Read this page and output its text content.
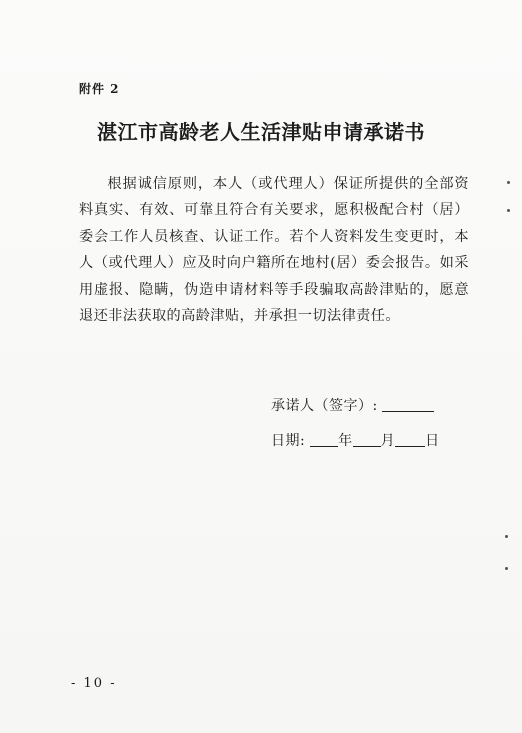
附件 2
湛江市高龄老人生活津贴申请承诺书
根据诚信原则，本人（或代理人）保证所提供的全部资料真实、有效、可靠且符合有关要求，愿积极配合村（居）委会工作人员核查、认证工作。若个人资料发生变更时，本人（或代理人）应及时向户籍所在地村(居）委会报告。如采用虚报、隐瞒，伪造申请材料等手段骗取高龄津贴的，愿意退还非法获取的高龄津贴，并承担一切法律责任。
承诺人（签字）:
日期: 年 月 日
- 10 -
